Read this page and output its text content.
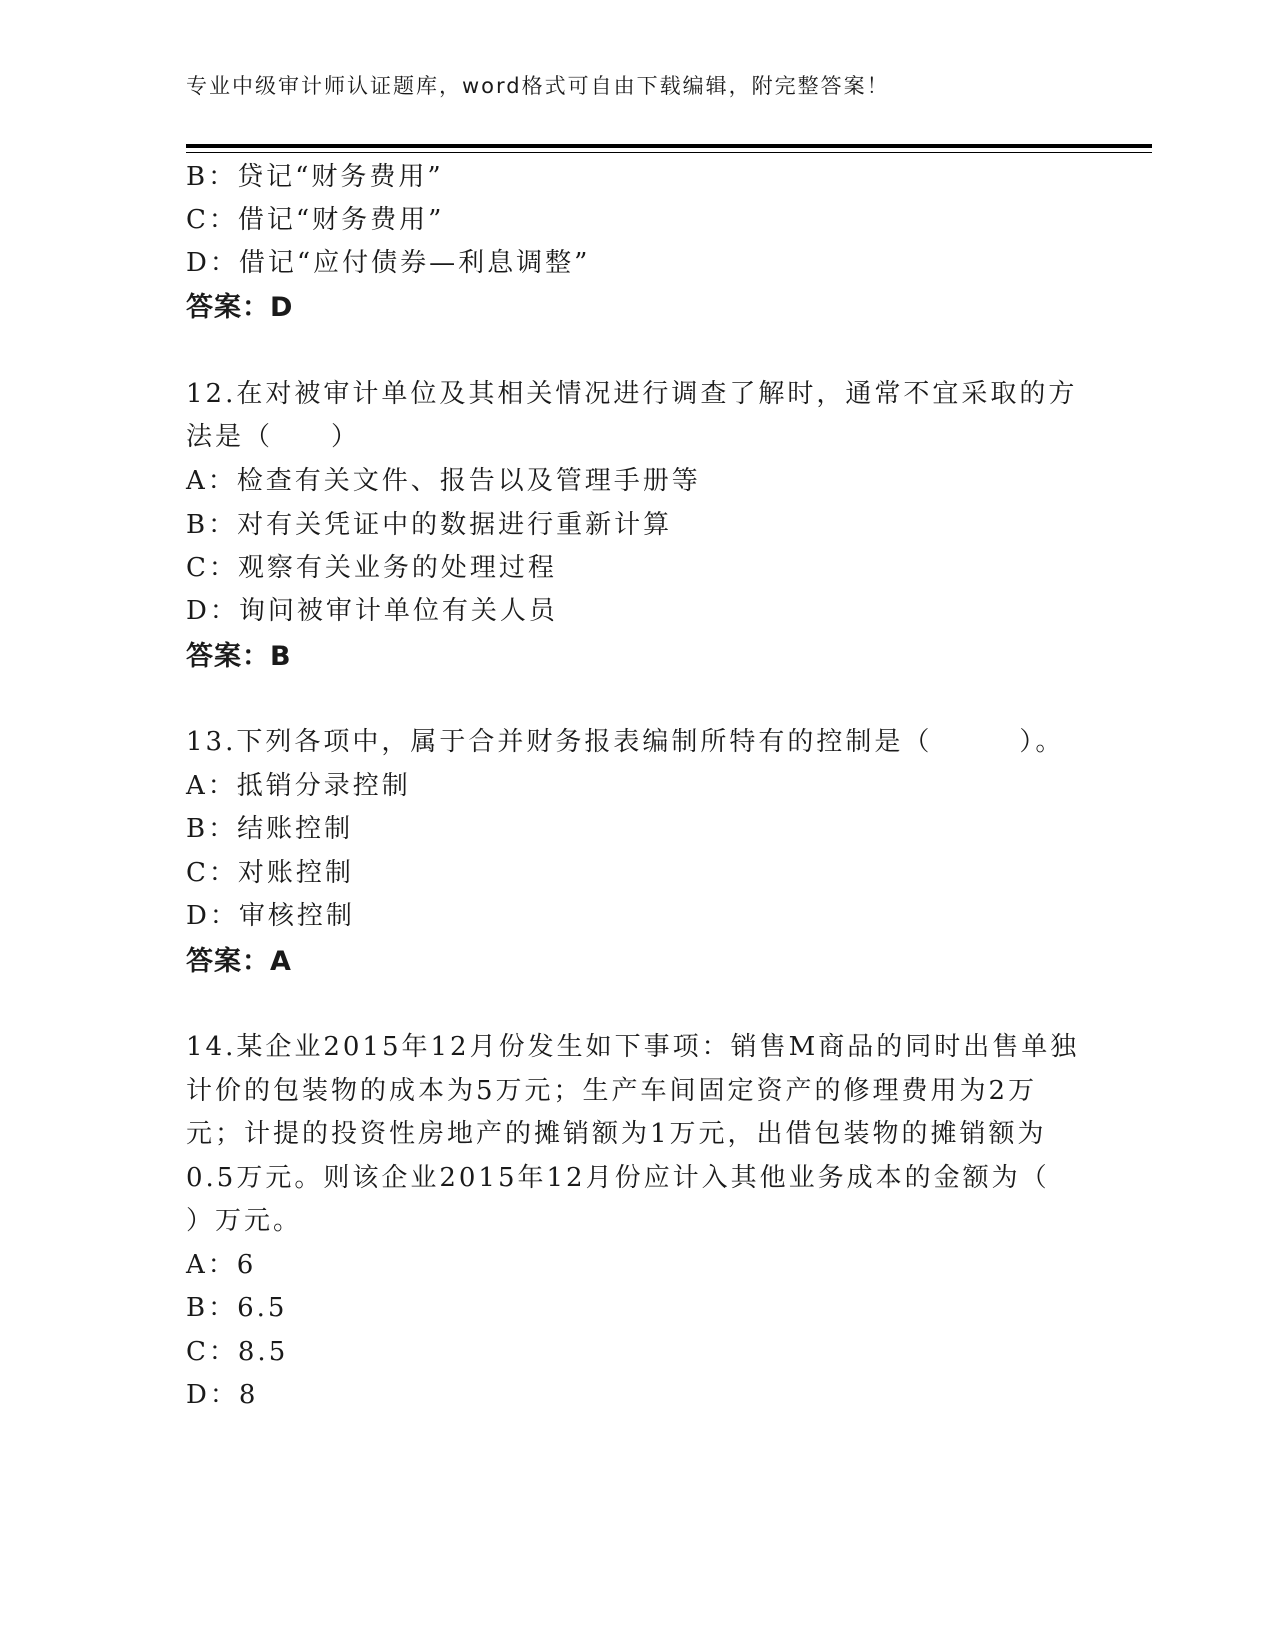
专业中级审计师认证题库，word格式可自由下载编辑，附完整答案！
B：贷记“财务费用”
C：借记“财务费用”
D：借记“应付债券—利息调整”
答案：D
12.在对被审计单位及其相关情况进行调查了解时，通常不宜采取的方
法是（　　）
A：检查有关文件、报告以及管理手册等
B：对有关凭证中的数据进行重新计算
C：观察有关业务的处理过程
D：询问被审计单位有关人员
答案：B
13.下列各项中，属于合并财务报表编制所特有的控制是（　　　）。
A：抵销分录控制
B：结账控制
C：对账控制
D：审核控制
答案：A
14.某企业2015年12月份发生如下事项：销售M商品的同时出售单独
计价的包装物的成本为5万元；生产车间固定资产的修理费用为2万
元；计提的投资性房地产的摊销额为1万元，出借包装物的摊销额为
0.5万元。则该企业2015年12月份应计入其他业务成本的金额为（
）万元。
A：6
B：6.5
C：8.5
D：8
